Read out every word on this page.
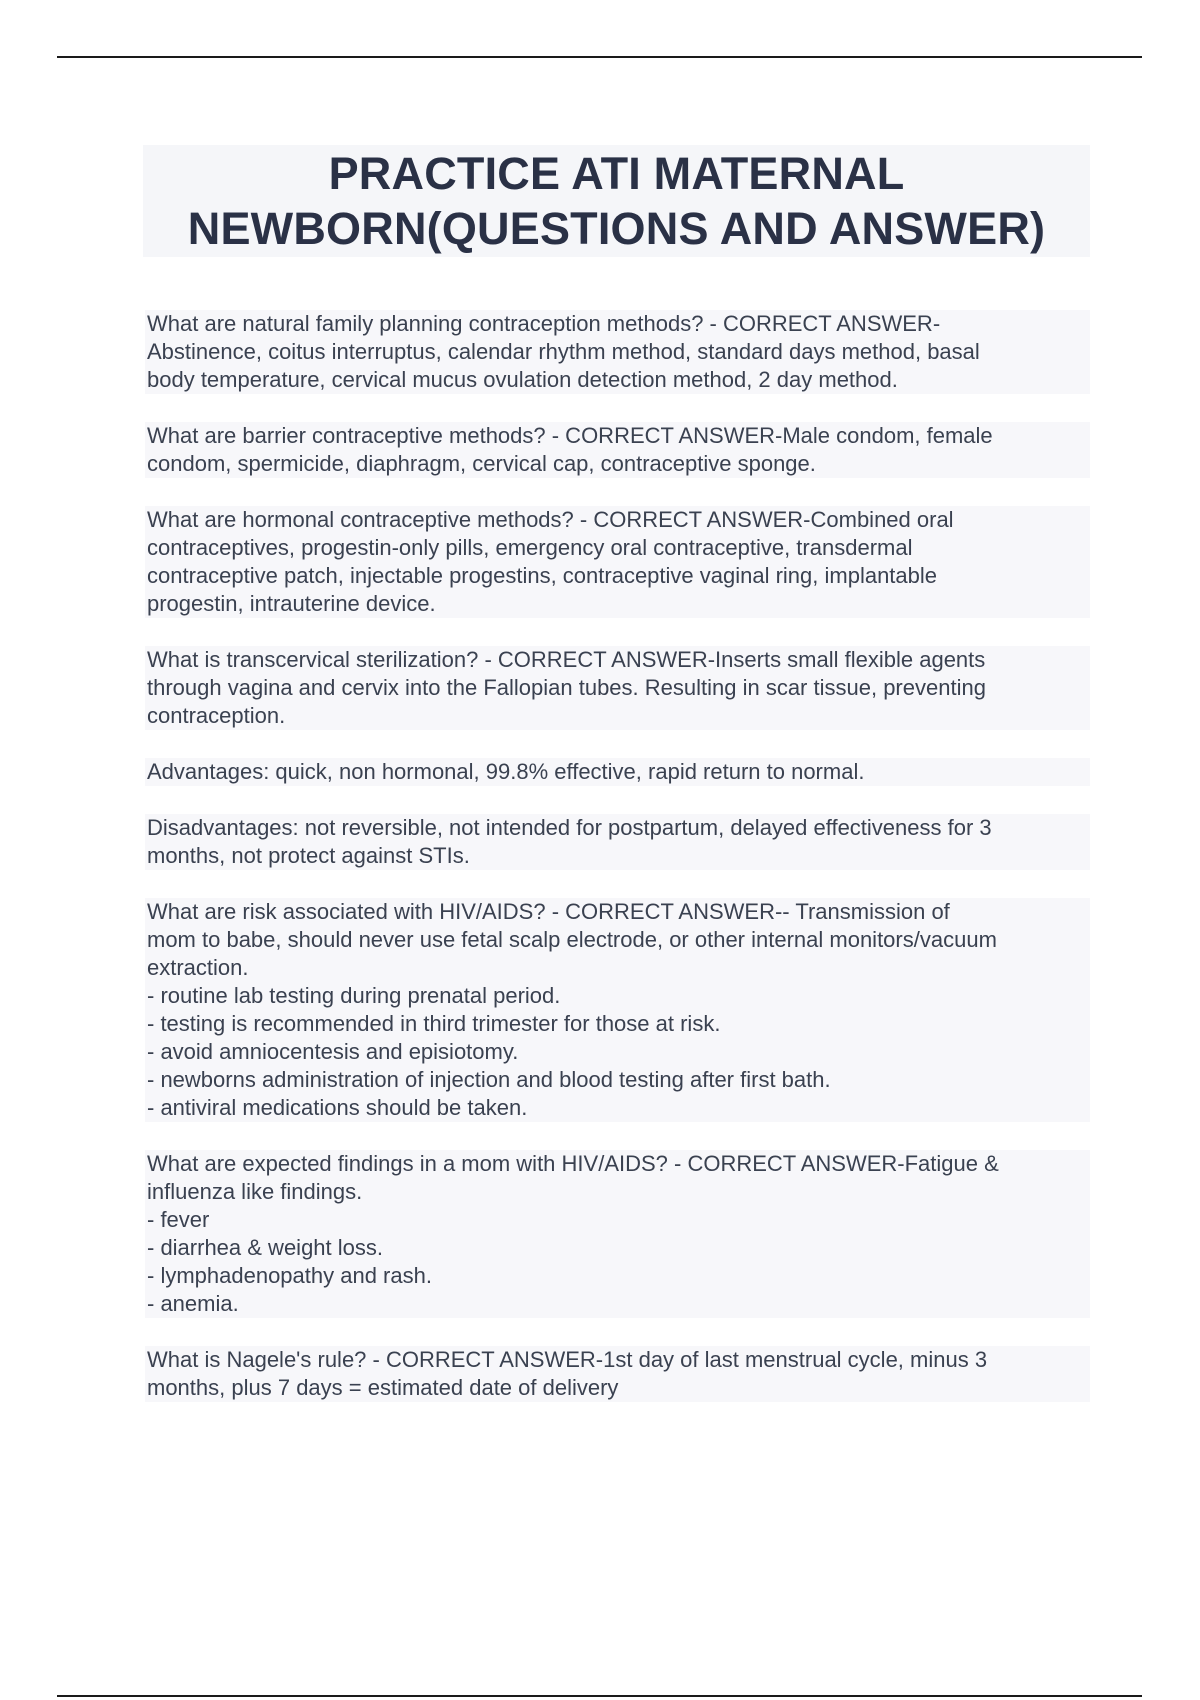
PRACTICE ATI MATERNAL
NEWBORN(QUESTIONS AND ANSWER)

What are natural family planning contraception methods? - CORRECT ANSWER-
Abstinence, coitus interruptus, calendar rhythm method, standard days method, basal
body temperature, cervical mucus ovulation detection method, 2 day method.

What are barrier contraceptive methods? - CORRECT ANSWER-Male condom, female
condom, spermicide, diaphragm, cervical cap, contraceptive sponge.

What are hormonal contraceptive methods? - CORRECT ANSWER-Combined oral
contraceptives, progestin-only pills, emergency oral contraceptive, transdermal
contraceptive patch, injectable progestins, contraceptive vaginal ring, implantable
progestin, intrauterine device.

What is transcervical sterilization? - CORRECT ANSWER-Inserts small flexible agents
through vagina and cervix into the Fallopian tubes. Resulting in scar tissue, preventing
contraception.

Advantages: quick, non hormonal, 99.8% effective, rapid return to normal.

Disadvantages: not reversible, not intended for postpartum, delayed effectiveness for 3
months, not protect against STIs.

What are risk associated with HIV/AIDS? - CORRECT ANSWER-- Transmission of
mom to babe, should never use fetal scalp electrode, or other internal monitors/vacuum
extraction.
- routine lab testing during prenatal period.
- testing is recommended in third trimester for those at risk.
- avoid amniocentesis and episiotomy.
- newborns administration of injection and blood testing after first bath.
- antiviral medications should be taken.

What are expected findings in a mom with HIV/AIDS? - CORRECT ANSWER-Fatigue &
influenza like findings.
- fever
- diarrhea & weight loss.
- lymphadenopathy and rash.
- anemia.

What is Nagele's rule? - CORRECT ANSWER-1st day of last menstrual cycle, minus 3
months, plus 7 days = estimated date of delivery
